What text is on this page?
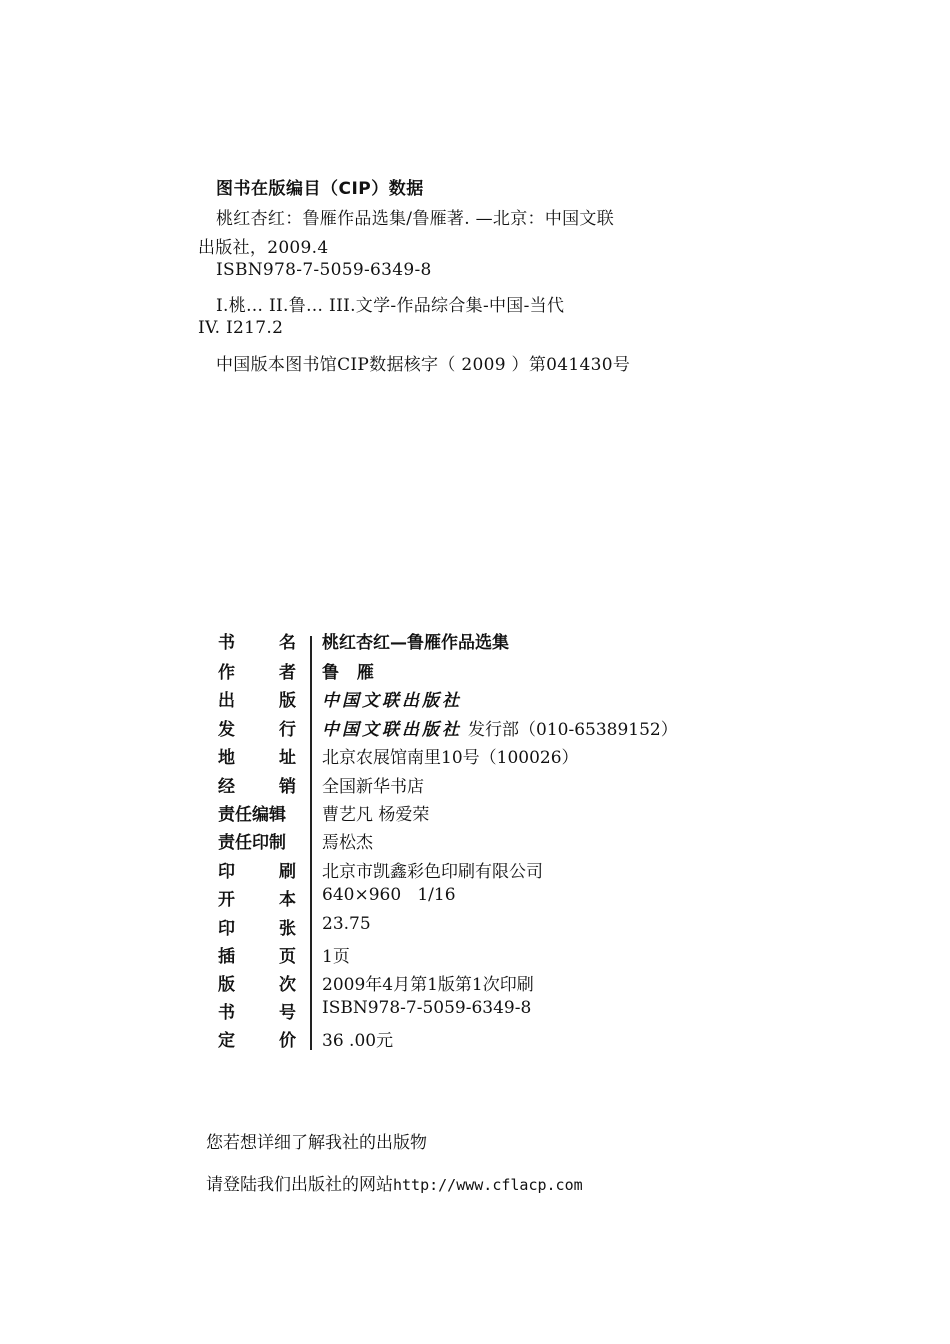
图书在版编目（CIP）数据
桃红杏红：鲁雁作品选集/鲁雁著. —北京：中国文联
出版社，2009.4
ISBN978-7-5059-6349-8
I.桃… II.鲁… III.文学-作品综合集-中国-当代
IV. I217.2
中国版本图书馆CIP数据核字（ 2009 ）第041430号
书	名 桃红杏红—鲁雁作品选集
作	者 鲁 雁
出	版 中国文联出版社
发	行 中国文联出版社 发行部（010-65389152）
地	址 北京农展馆南里10号（100026）
经	销 全国新华书店
责任编辑 曹艺凡 杨爱荣
责任印制 焉松杰
印	刷 北京市凯鑫彩色印刷有限公司
开	本 640×960   1/16
印	张 23.75
插	页 1页
版	次 2009年4月第1版第1次印刷
书	号 ISBN978-7-5059-6349-8
定	价 36 .00元
您若想详细了解我社的出版物
请登陆我们出版社的网站http://www.cflacp.com
